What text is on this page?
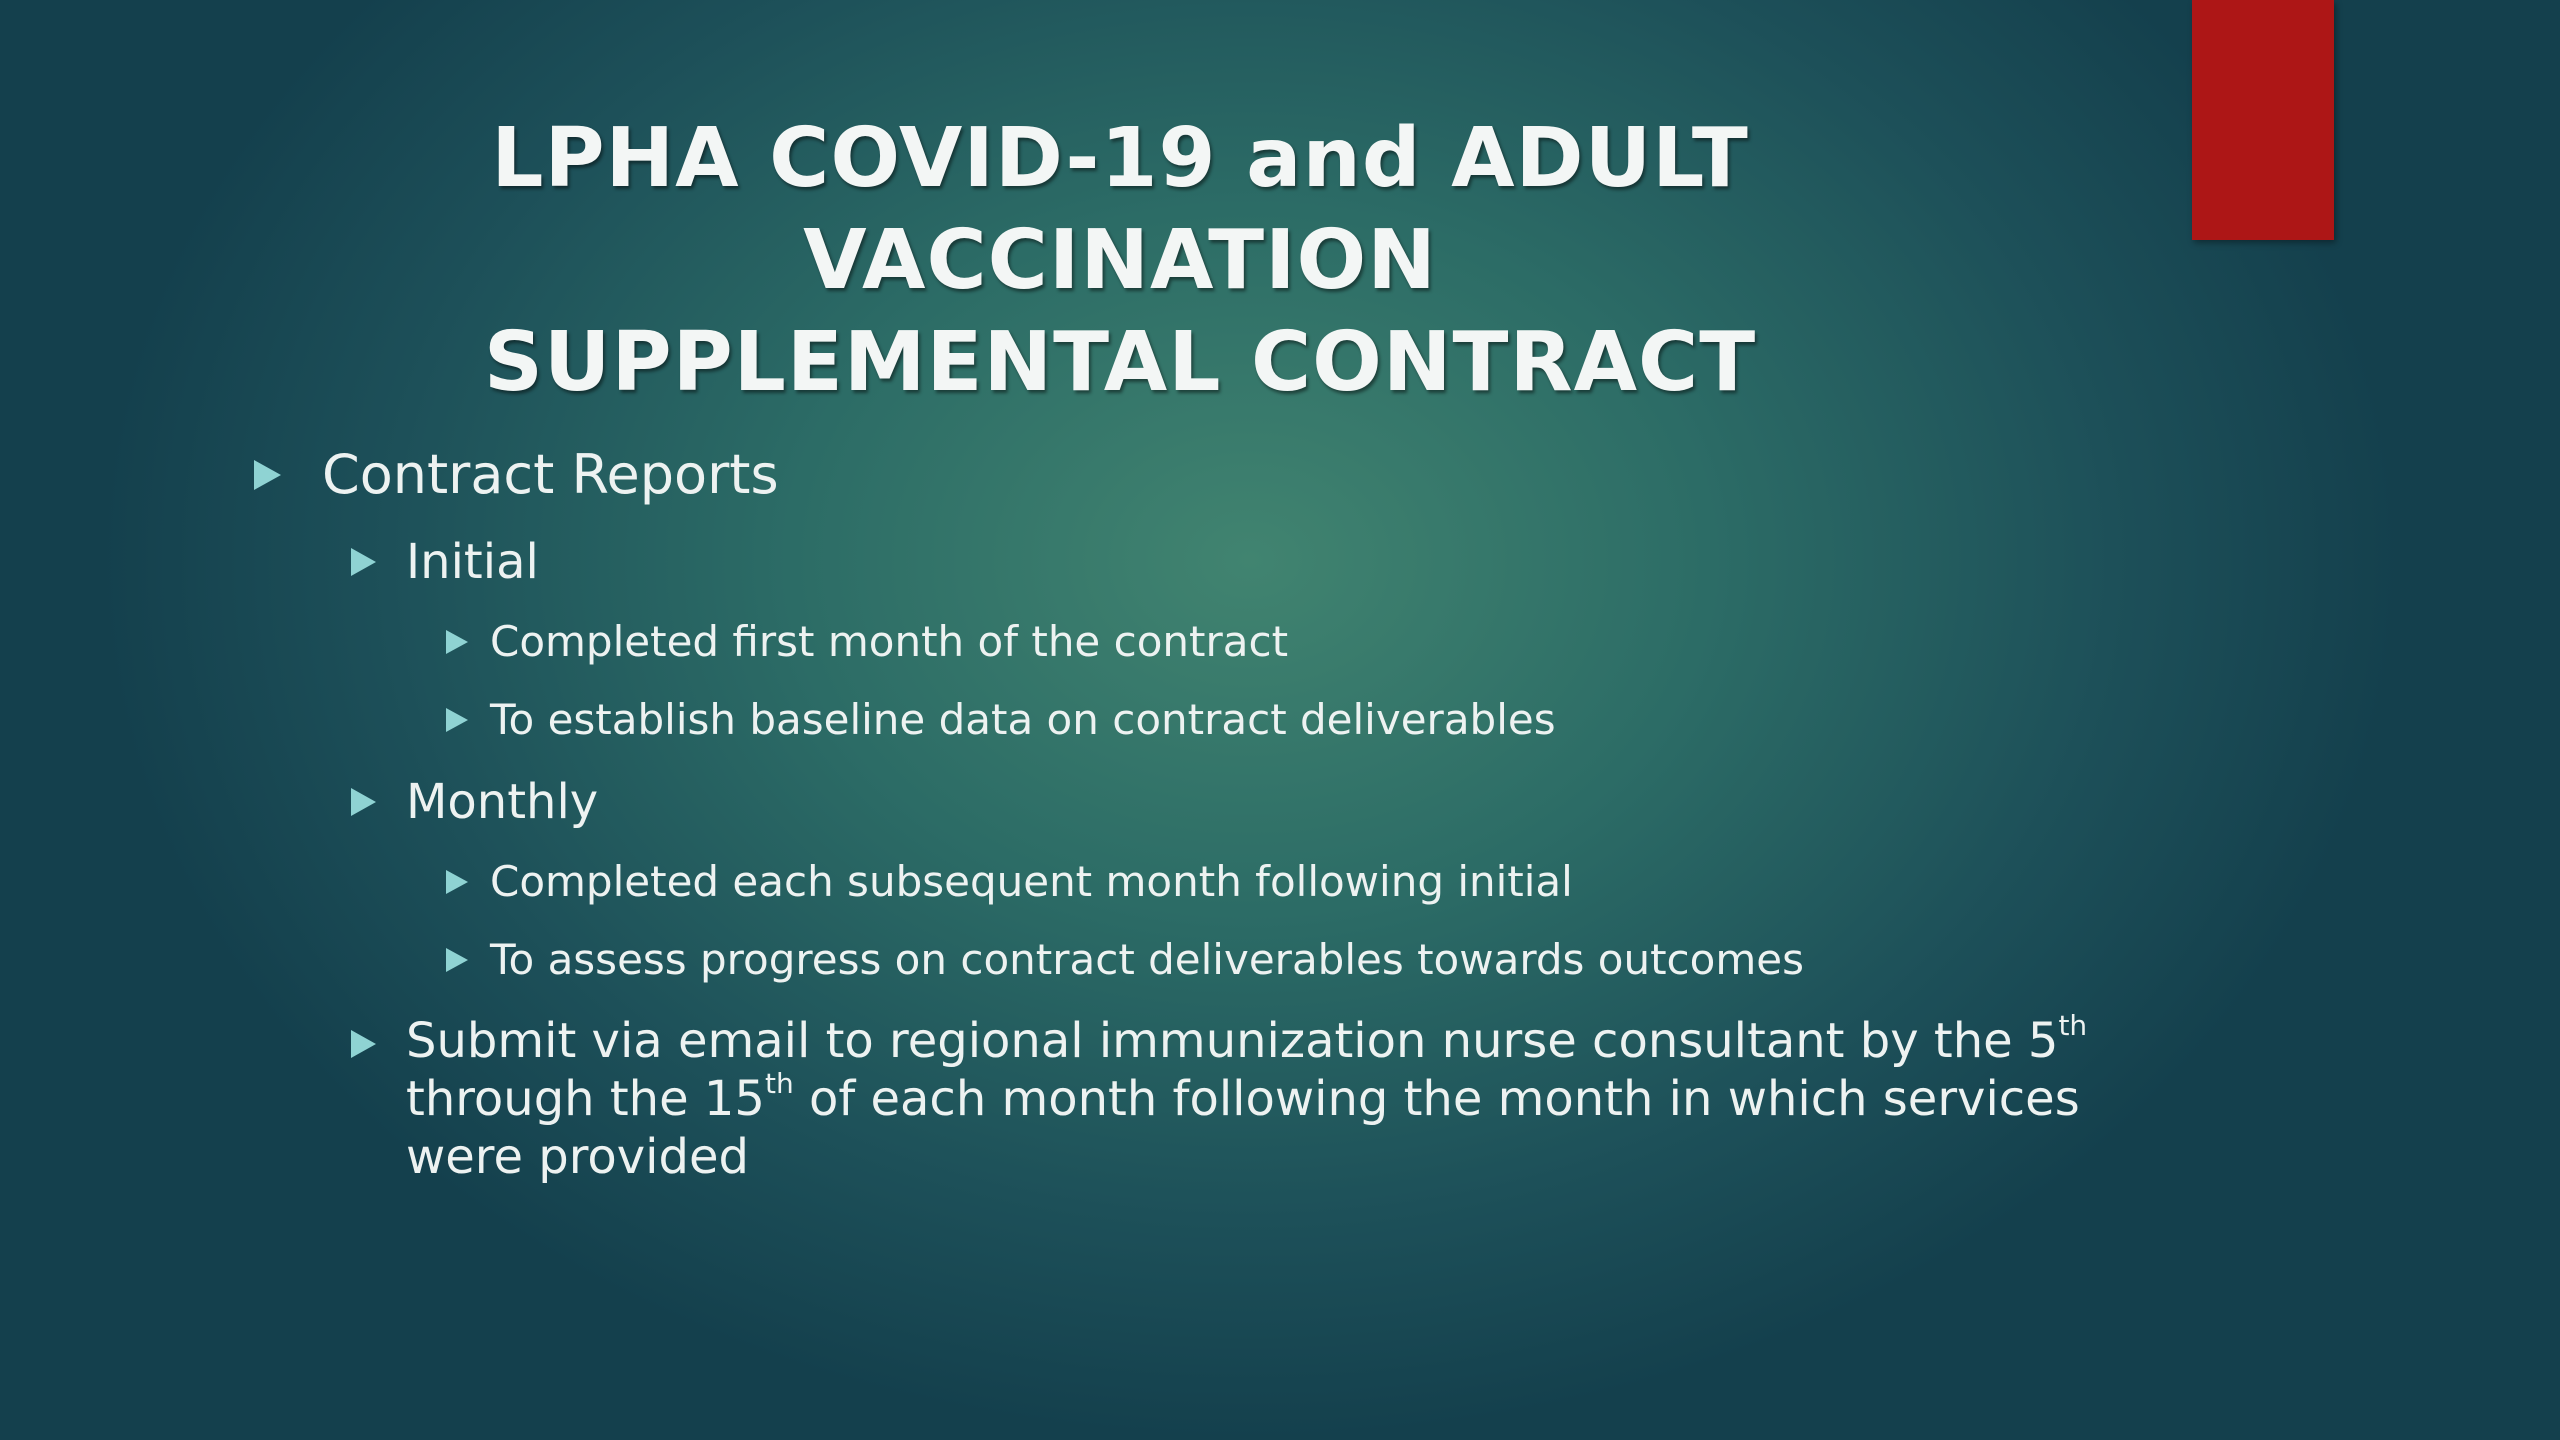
LPHA COVID-19 and ADULT VACCINATION
SUPPLEMENTAL CONTRACT
Contract Reports
Initial
Completed first month of the contract
To establish baseline data on contract deliverables
Monthly
Completed each subsequent month following initial
To assess progress on contract deliverables towards outcomes
Submit via email to regional immunization nurse consultant by the 5th through the 15th of each month following the month in which services were provided
